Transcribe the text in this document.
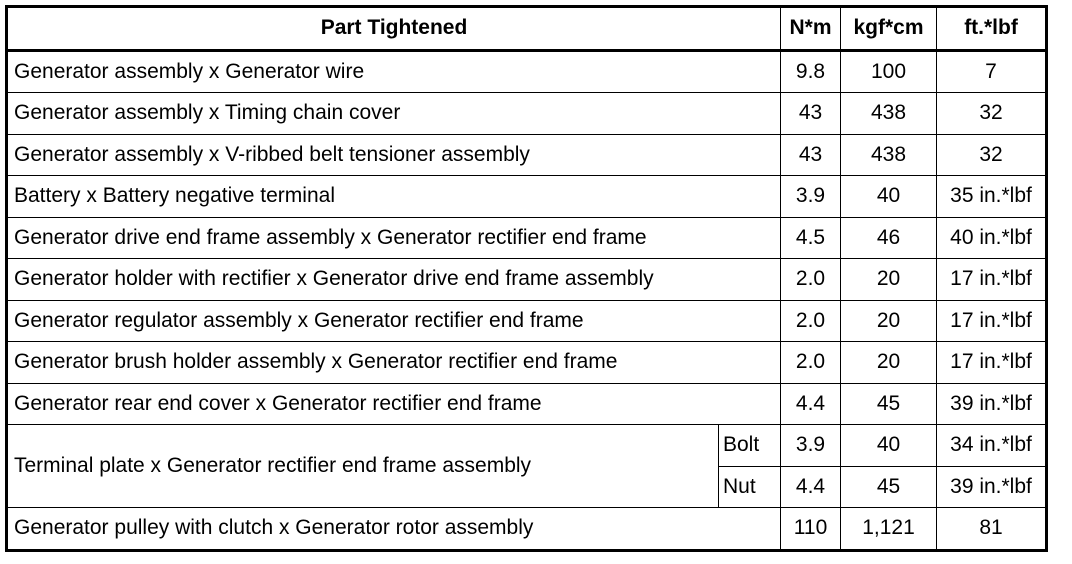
Part Tightened		N*m	kgf*cm	ft.*lbf
Generator assembly x Generator wire		9.8	100	7
Generator assembly x Timing chain cover		43	438	32
Generator assembly x V-ribbed belt tensioner assembly		43	438	32
Battery x Battery negative terminal		3.9	40	35 in.*lbf
Generator drive end frame assembly x Generator rectifier end frame		4.5	46	40 in.*lbf
Generator holder with rectifier x Generator drive end frame assembly		2.0	20	17 in.*lbf
Generator regulator assembly x Generator rectifier end frame		2.0	20	17 in.*lbf
Generator brush holder assembly x Generator rectifier end frame		2.0	20	17 in.*lbf
Generator rear end cover x Generator rectifier end frame		4.4	45	39 in.*lbf
Terminal plate x Generator rectifier end frame assembly	Bolt	3.9	40	34 in.*lbf
	Nut	4.4	45	39 in.*lbf
Generator pulley with clutch x Generator rotor assembly		110	1,121	81
